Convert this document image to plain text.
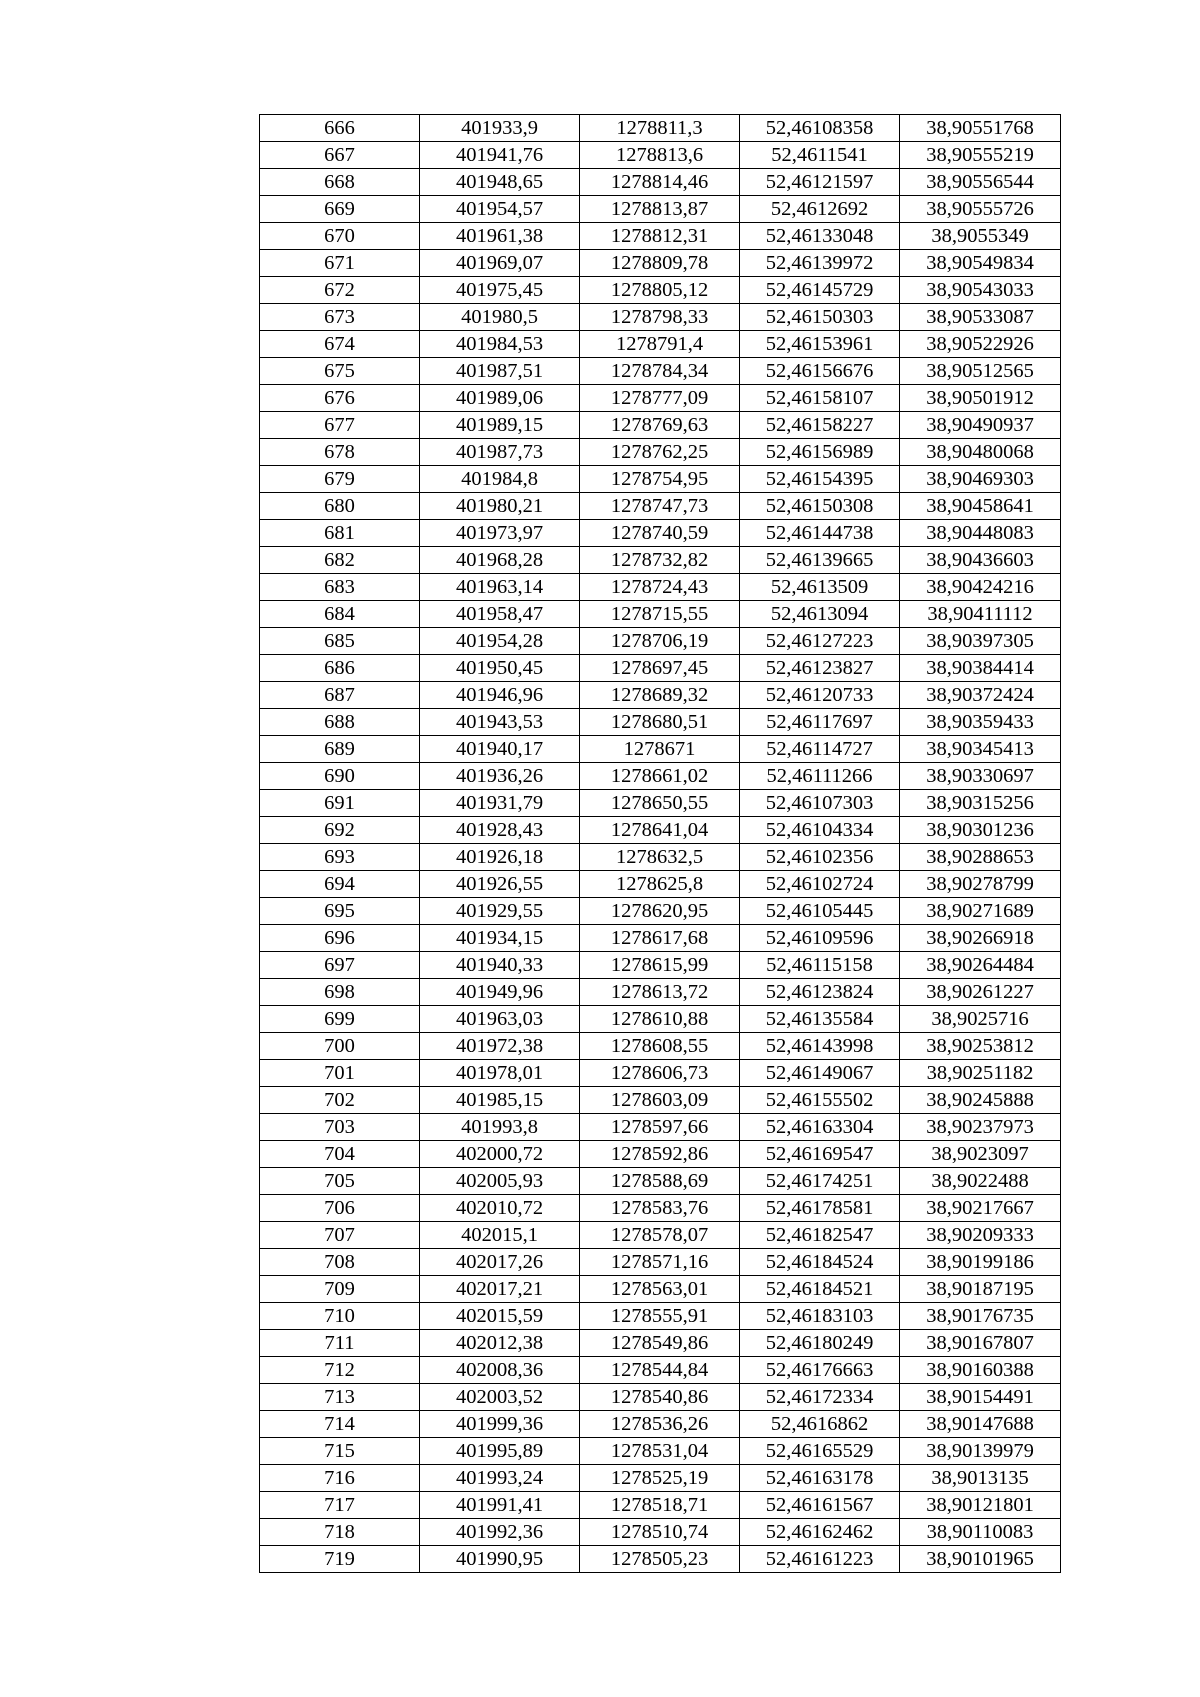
666	401933,9	1278811,3	52,46108358	38,90551768
667	401941,76	1278813,6	52,4611541	38,90555219
668	401948,65	1278814,46	52,46121597	38,90556544
669	401954,57	1278813,87	52,4612692	38,90555726
670	401961,38	1278812,31	52,46133048	38,9055349
671	401969,07	1278809,78	52,46139972	38,90549834
672	401975,45	1278805,12	52,46145729	38,90543033
673	401980,5	1278798,33	52,46150303	38,90533087
674	401984,53	1278791,4	52,46153961	38,90522926
675	401987,51	1278784,34	52,46156676	38,90512565
676	401989,06	1278777,09	52,46158107	38,90501912
677	401989,15	1278769,63	52,46158227	38,90490937
678	401987,73	1278762,25	52,46156989	38,90480068
679	401984,8	1278754,95	52,46154395	38,90469303
680	401980,21	1278747,73	52,46150308	38,90458641
681	401973,97	1278740,59	52,46144738	38,90448083
682	401968,28	1278732,82	52,46139665	38,90436603
683	401963,14	1278724,43	52,4613509	38,90424216
684	401958,47	1278715,55	52,4613094	38,90411112
685	401954,28	1278706,19	52,46127223	38,90397305
686	401950,45	1278697,45	52,46123827	38,90384414
687	401946,96	1278689,32	52,46120733	38,90372424
688	401943,53	1278680,51	52,46117697	38,90359433
689	401940,17	1278671	52,46114727	38,90345413
690	401936,26	1278661,02	52,46111266	38,90330697
691	401931,79	1278650,55	52,46107303	38,90315256
692	401928,43	1278641,04	52,46104334	38,90301236
693	401926,18	1278632,5	52,46102356	38,90288653
694	401926,55	1278625,8	52,46102724	38,90278799
695	401929,55	1278620,95	52,46105445	38,90271689
696	401934,15	1278617,68	52,46109596	38,90266918
697	401940,33	1278615,99	52,46115158	38,90264484
698	401949,96	1278613,72	52,46123824	38,90261227
699	401963,03	1278610,88	52,46135584	38,9025716
700	401972,38	1278608,55	52,46143998	38,90253812
701	401978,01	1278606,73	52,46149067	38,90251182
702	401985,15	1278603,09	52,46155502	38,90245888
703	401993,8	1278597,66	52,46163304	38,90237973
704	402000,72	1278592,86	52,46169547	38,9023097
705	402005,93	1278588,69	52,46174251	38,9022488
706	402010,72	1278583,76	52,46178581	38,90217667
707	402015,1	1278578,07	52,46182547	38,90209333
708	402017,26	1278571,16	52,46184524	38,90199186
709	402017,21	1278563,01	52,46184521	38,90187195
710	402015,59	1278555,91	52,46183103	38,90176735
711	402012,38	1278549,86	52,46180249	38,90167807
712	402008,36	1278544,84	52,46176663	38,90160388
713	402003,52	1278540,86	52,46172334	38,90154491
714	401999,36	1278536,26	52,4616862	38,90147688
715	401995,89	1278531,04	52,46165529	38,90139979
716	401993,24	1278525,19	52,46163178	38,9013135
717	401991,41	1278518,71	52,46161567	38,90121801
718	401992,36	1278510,74	52,46162462	38,90110083
719	401990,95	1278505,23	52,46161223	38,90101965
